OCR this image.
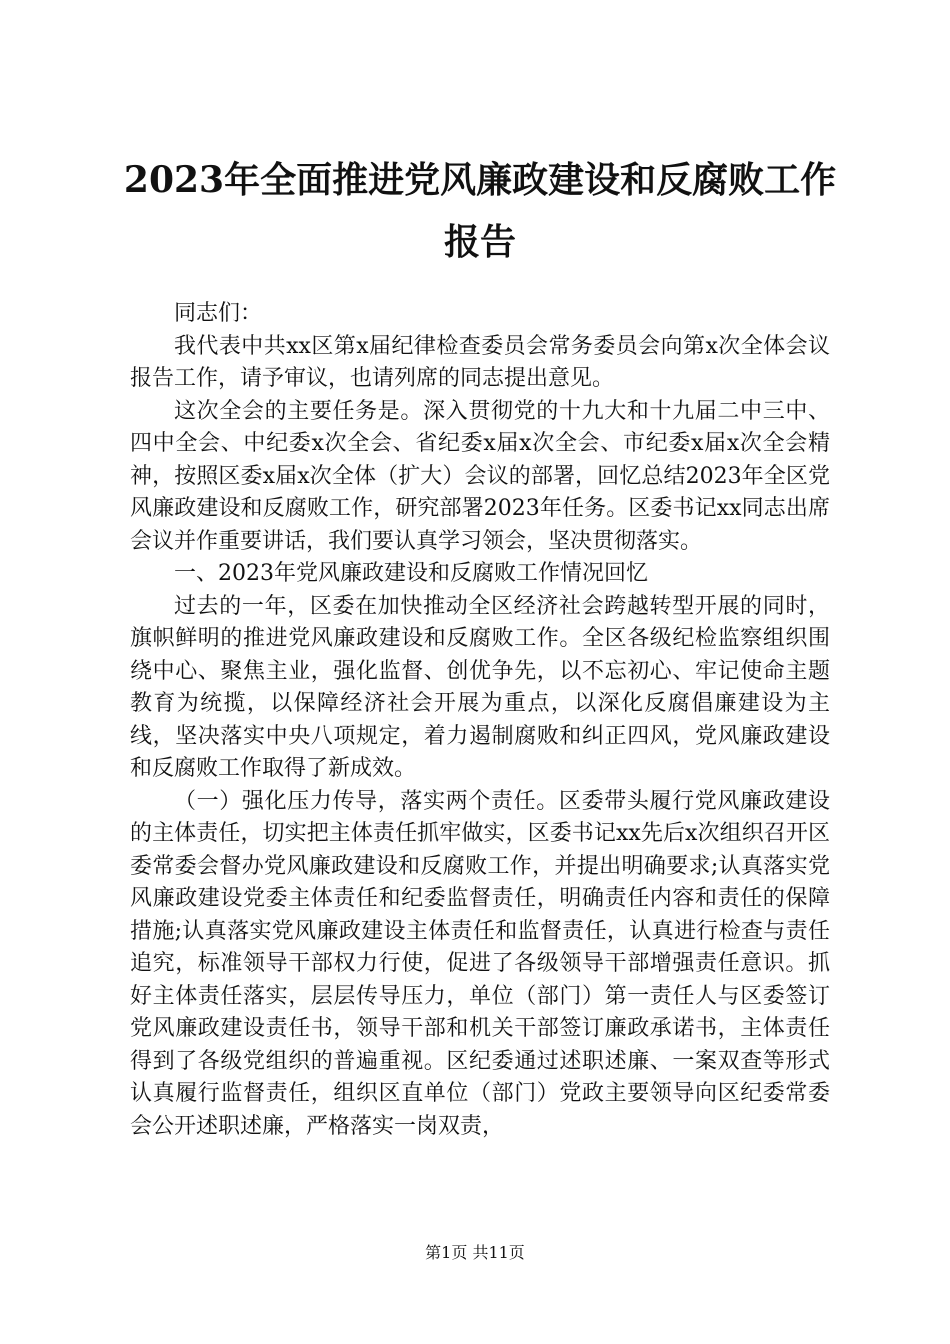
2023年全面推进党风廉政建设和反腐败工作
报告

同志们：

我代表中共xx区第x届纪律检查委员会常务委员会向第x次全体会议报告工作，请予审议，也请列席的同志提出意见。

这次全会的主要任务是。深入贯彻党的十九大和十九届二中三中、四中全会、中纪委x次全会、省纪委x届x次全会、市纪委x届x次全会精神，按照区委x届x次全体（扩大）会议的部署，回忆总结2023年全区党风廉政建设和反腐败工作，研究部署2023年任务。区委书记xx同志出席会议并作重要讲话，我们要认真学习领会，坚决贯彻落实。

一、2023年党风廉政建设和反腐败工作情况回忆

过去的一年，区委在加快推动全区经济社会跨越转型开展的同时，旗帜鲜明的推进党风廉政建设和反腐败工作。全区各级纪检监察组织围绕中心、聚焦主业，强化监督、创优争先，以不忘初心、牢记使命主题教育为统揽，以保障经济社会开展为重点，以深化反腐倡廉建设为主线，坚决落实中央八项规定，着力遏制腐败和纠正四风，党风廉政建设和反腐败工作取得了新成效。

（一）强化压力传导，落实两个责任。区委带头履行党风廉政建设的主体责任，切实把主体责任抓牢做实，区委书记xx先后x次组织召开区委常委会督办党风廉政建设和反腐败工作，并提出明确要求;认真落实党风廉政建设党委主体责任和纪委监督责任，明确责任内容和责任的保障措施;认真落实党风廉政建设主体责任和监督责任，认真进行检查与责任追究，标准领导干部权力行使，促进了各级领导干部增强责任意识。抓好主体责任落实，层层传导压力，单位（部门）第一责任人与区委签订党风廉政建设责任书，领导干部和机关干部签订廉政承诺书，主体责任得到了各级党组织的普遍重视。区纪委通过述职述廉、一案双查等形式认真履行监督责任，组织区直单位（部门）党政主要领导向区纪委常委会公开述职述廉，严格落实一岗双责，

第1页 共11页
